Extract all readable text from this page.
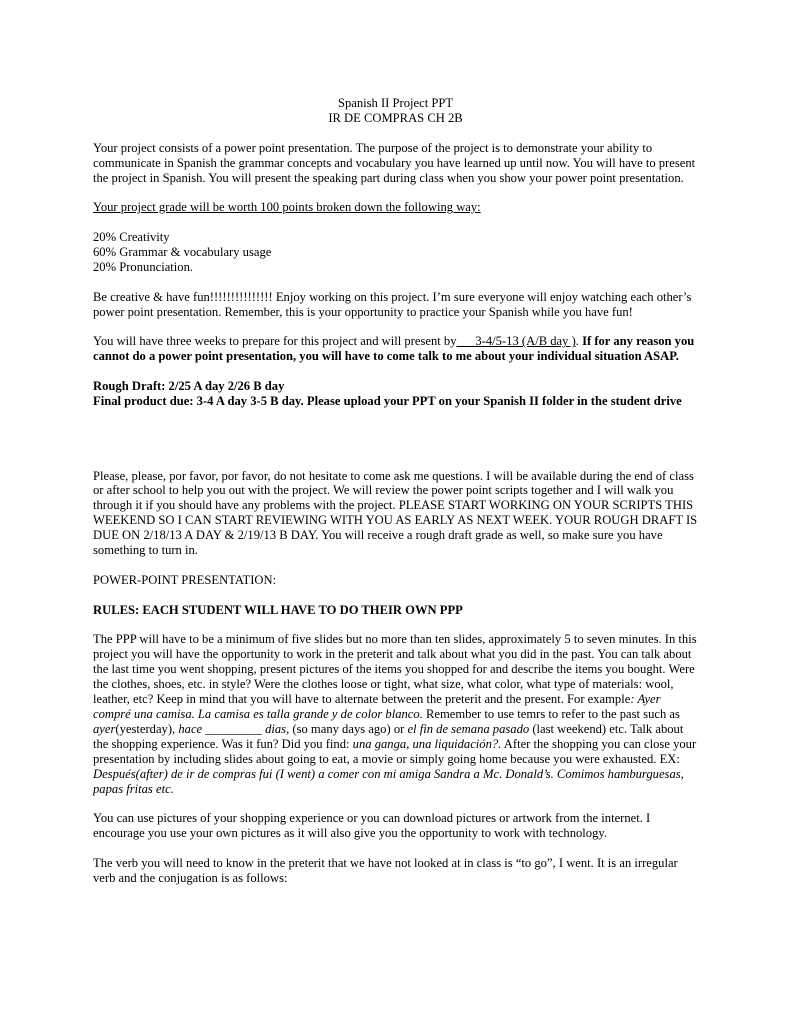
Spanish II Project PPT

IR DE COMPRAS CH 2B

Your project consists of a power point presentation. The purpose of the project is to demonstrate your ability to communicate in Spanish the grammar concepts and vocabulary you have learned up until now. You will have to present the project in Spanish. You will present the speaking part during class when you show your power point presentation.

Your project grade will be worth 100 points broken down the following way:

20% Creativity

60% Grammar & vocabulary usage

20% Pronunciation.

Be creative & have fun!!!!!!!!!!!!!!! Enjoy working on this project. I’m sure everyone will enjoy watching each other’s power point presentation. Remember, this is your opportunity to practice your Spanish while you have fun!

You will have three weeks to prepare for this project and will present by___3-4/5-13 (A/B day ). If for any reason you cannot do a power point presentation, you will have to come talk to me about your individual situation ASAP.

Rough Draft: 2/25 A day 2/26 B day

Final product due: 3-4 A day 3-5 B day. Please upload your PPT on your Spanish II folder in the student drive

Please, please, por favor, por favor, do not hesitate to come ask me questions. I will be available during the end of class or after school to help you out with the project. We will review the power point scripts together and I will walk you through it if you should have any problems with the project. PLEASE START WORKING ON YOUR SCRIPTS THIS WEEKEND SO I CAN START REVIEWING WITH YOU AS EARLY AS NEXT WEEK. YOUR ROUGH DRAFT IS DUE ON 2/18/13 A DAY & 2/19/13 B DAY. You will receive a rough draft grade as well, so make sure you have something to turn in.

POWER-POINT PRESENTATION:

RULES: EACH STUDENT WILL HAVE TO DO THEIR OWN PPP

The PPP will have to be a minimum of five slides but no more than ten slides, approximately 5 to seven minutes. In this project you will have the opportunity to work in the preterit and talk about what you did in the past. You can talk about the last time you went shopping, present pictures of the items you shopped for and describe the items you bought. Were the clothes, shoes, etc. in style? Were the clothes loose or tight, what size, what color, what type of materials: wool, leather, etc? Keep in mind that you will have to alternate between the preterit and the present. For example: Ayer compré una camisa. La camisa es talla grande y de color blanco. Remember to use temrs to refer to the past such as ayer(yesterday), hace _________ dias, (so many days ago) or el fin de semana pasado (last weekend) etc. Talk about the shopping experience. Was it fun? Did you find: una ganga, una liquidación?. After the shopping you can close your presentation by including slides about going to eat, a movie or simply going home because you were exhausted. EX: Después(after) de ir de compras fui (I went) a comer con mi amiga Sandra a Mc. Donald’s. Comimos hamburguesas, papas fritas etc.

You can use pictures of your shopping experience or you can download pictures or artwork from the internet. I encourage you use your own pictures as it will also give you the opportunity to work with technology.

The verb you will need to know in the preterit that we have not looked at in class is “to go”, I went. It is an irregular verb and the conjugation is as follows:
